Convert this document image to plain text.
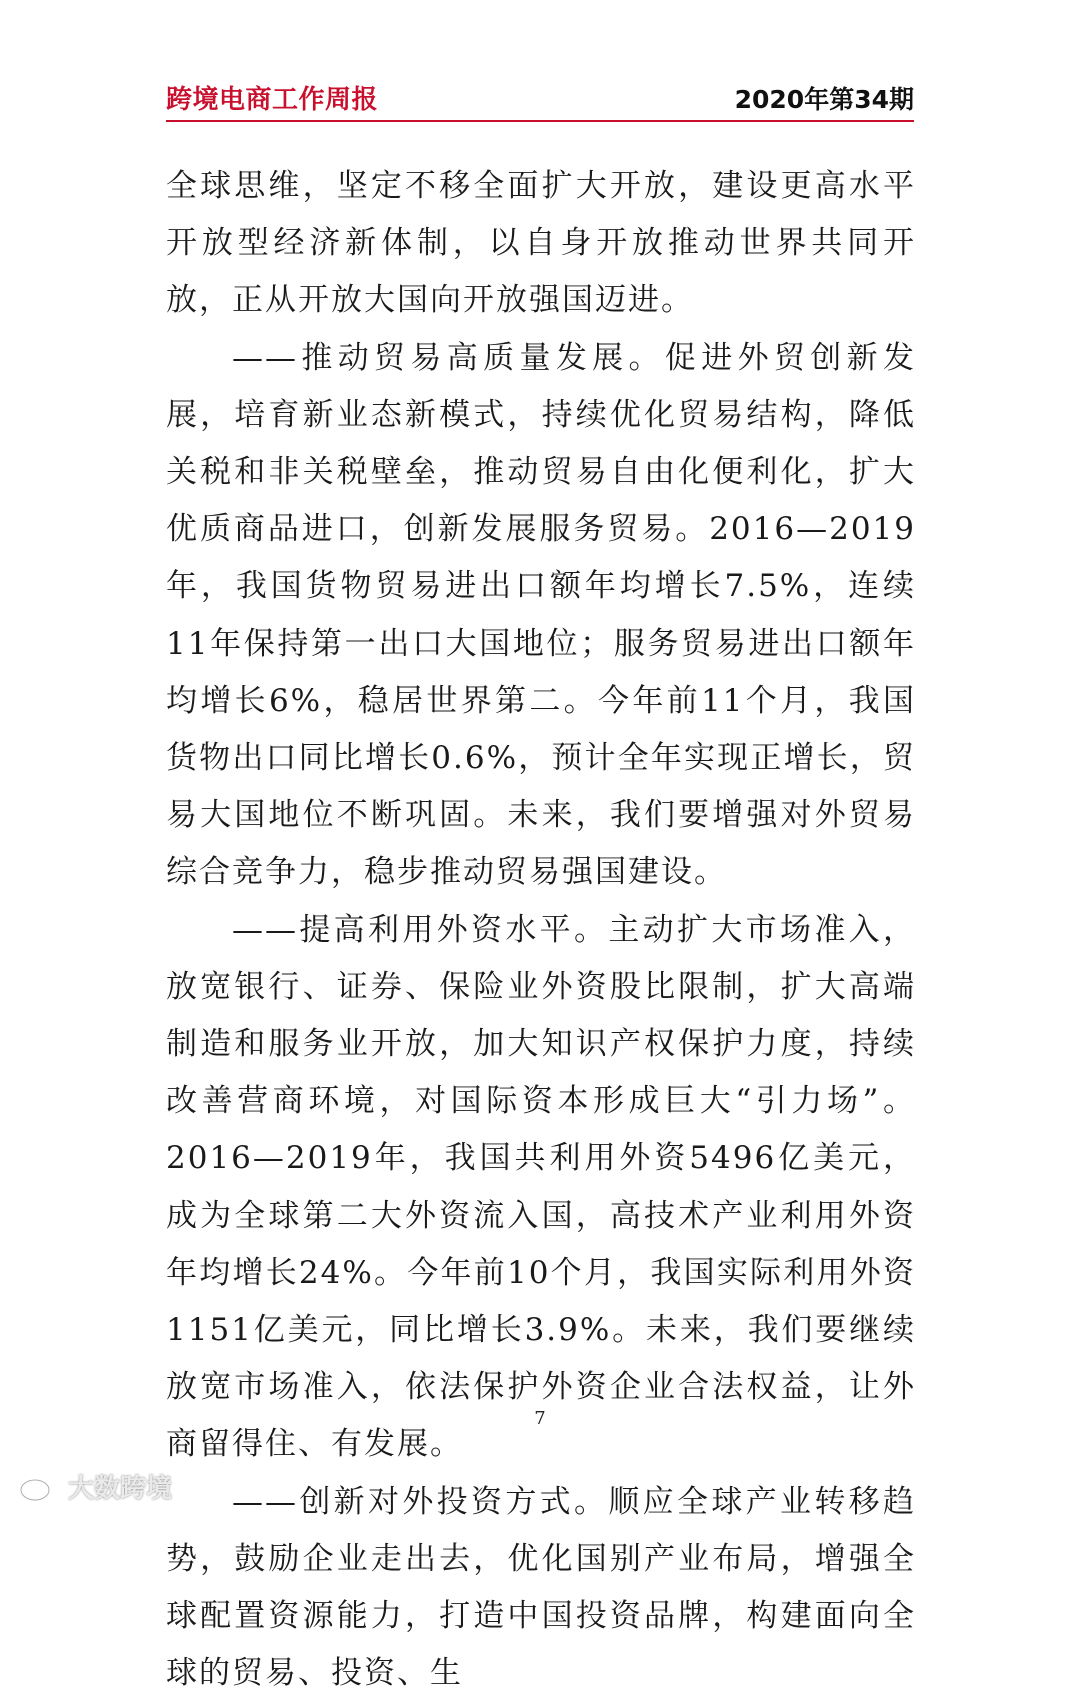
跨境电商工作周报	2020年第34期

全球思维，坚定不移全面扩大开放，建设更高水平开放型经济新体制，以自身开放推动世界共同开放，正从开放大国向开放强国迈进。

——推动贸易高质量发展。促进外贸创新发展，培育新业态新模式，持续优化贸易结构，降低关税和非关税壁垒，推动贸易自由化便利化，扩大优质商品进口，创新发展服务贸易。2016—2019年，我国货物贸易进出口额年均增长7.5%，连续11年保持第一出口大国地位；服务贸易进出口额年均增长6%，稳居世界第二。今年前11个月，我国货物出口同比增长0.6%，预计全年实现正增长，贸易大国地位不断巩固。未来，我们要增强对外贸易综合竞争力，稳步推动贸易强国建设。

——提高利用外资水平。主动扩大市场准入，放宽银行、证券、保险业外资股比限制，扩大高端制造和服务业开放，加大知识产权保护力度，持续改善营商环境，对国际资本形成巨大“引力场”。2016—2019年，我国共利用外资5496亿美元，成为全球第二大外资流入国，高技术产业利用外资年均增长24%。今年前10个月，我国实际利用外资1151亿美元，同比增长3.9%。未来，我们要继续放宽市场准入，依法保护外资企业合法权益，让外商留得住、有发展。

——创新对外投资方式。顺应全球产业转移趋势，鼓励企业走出去，优化国别产业布局，增强全球配置资源能力，打造中国投资品牌，构建面向全球的贸易、投资、生

7
大数跨境
